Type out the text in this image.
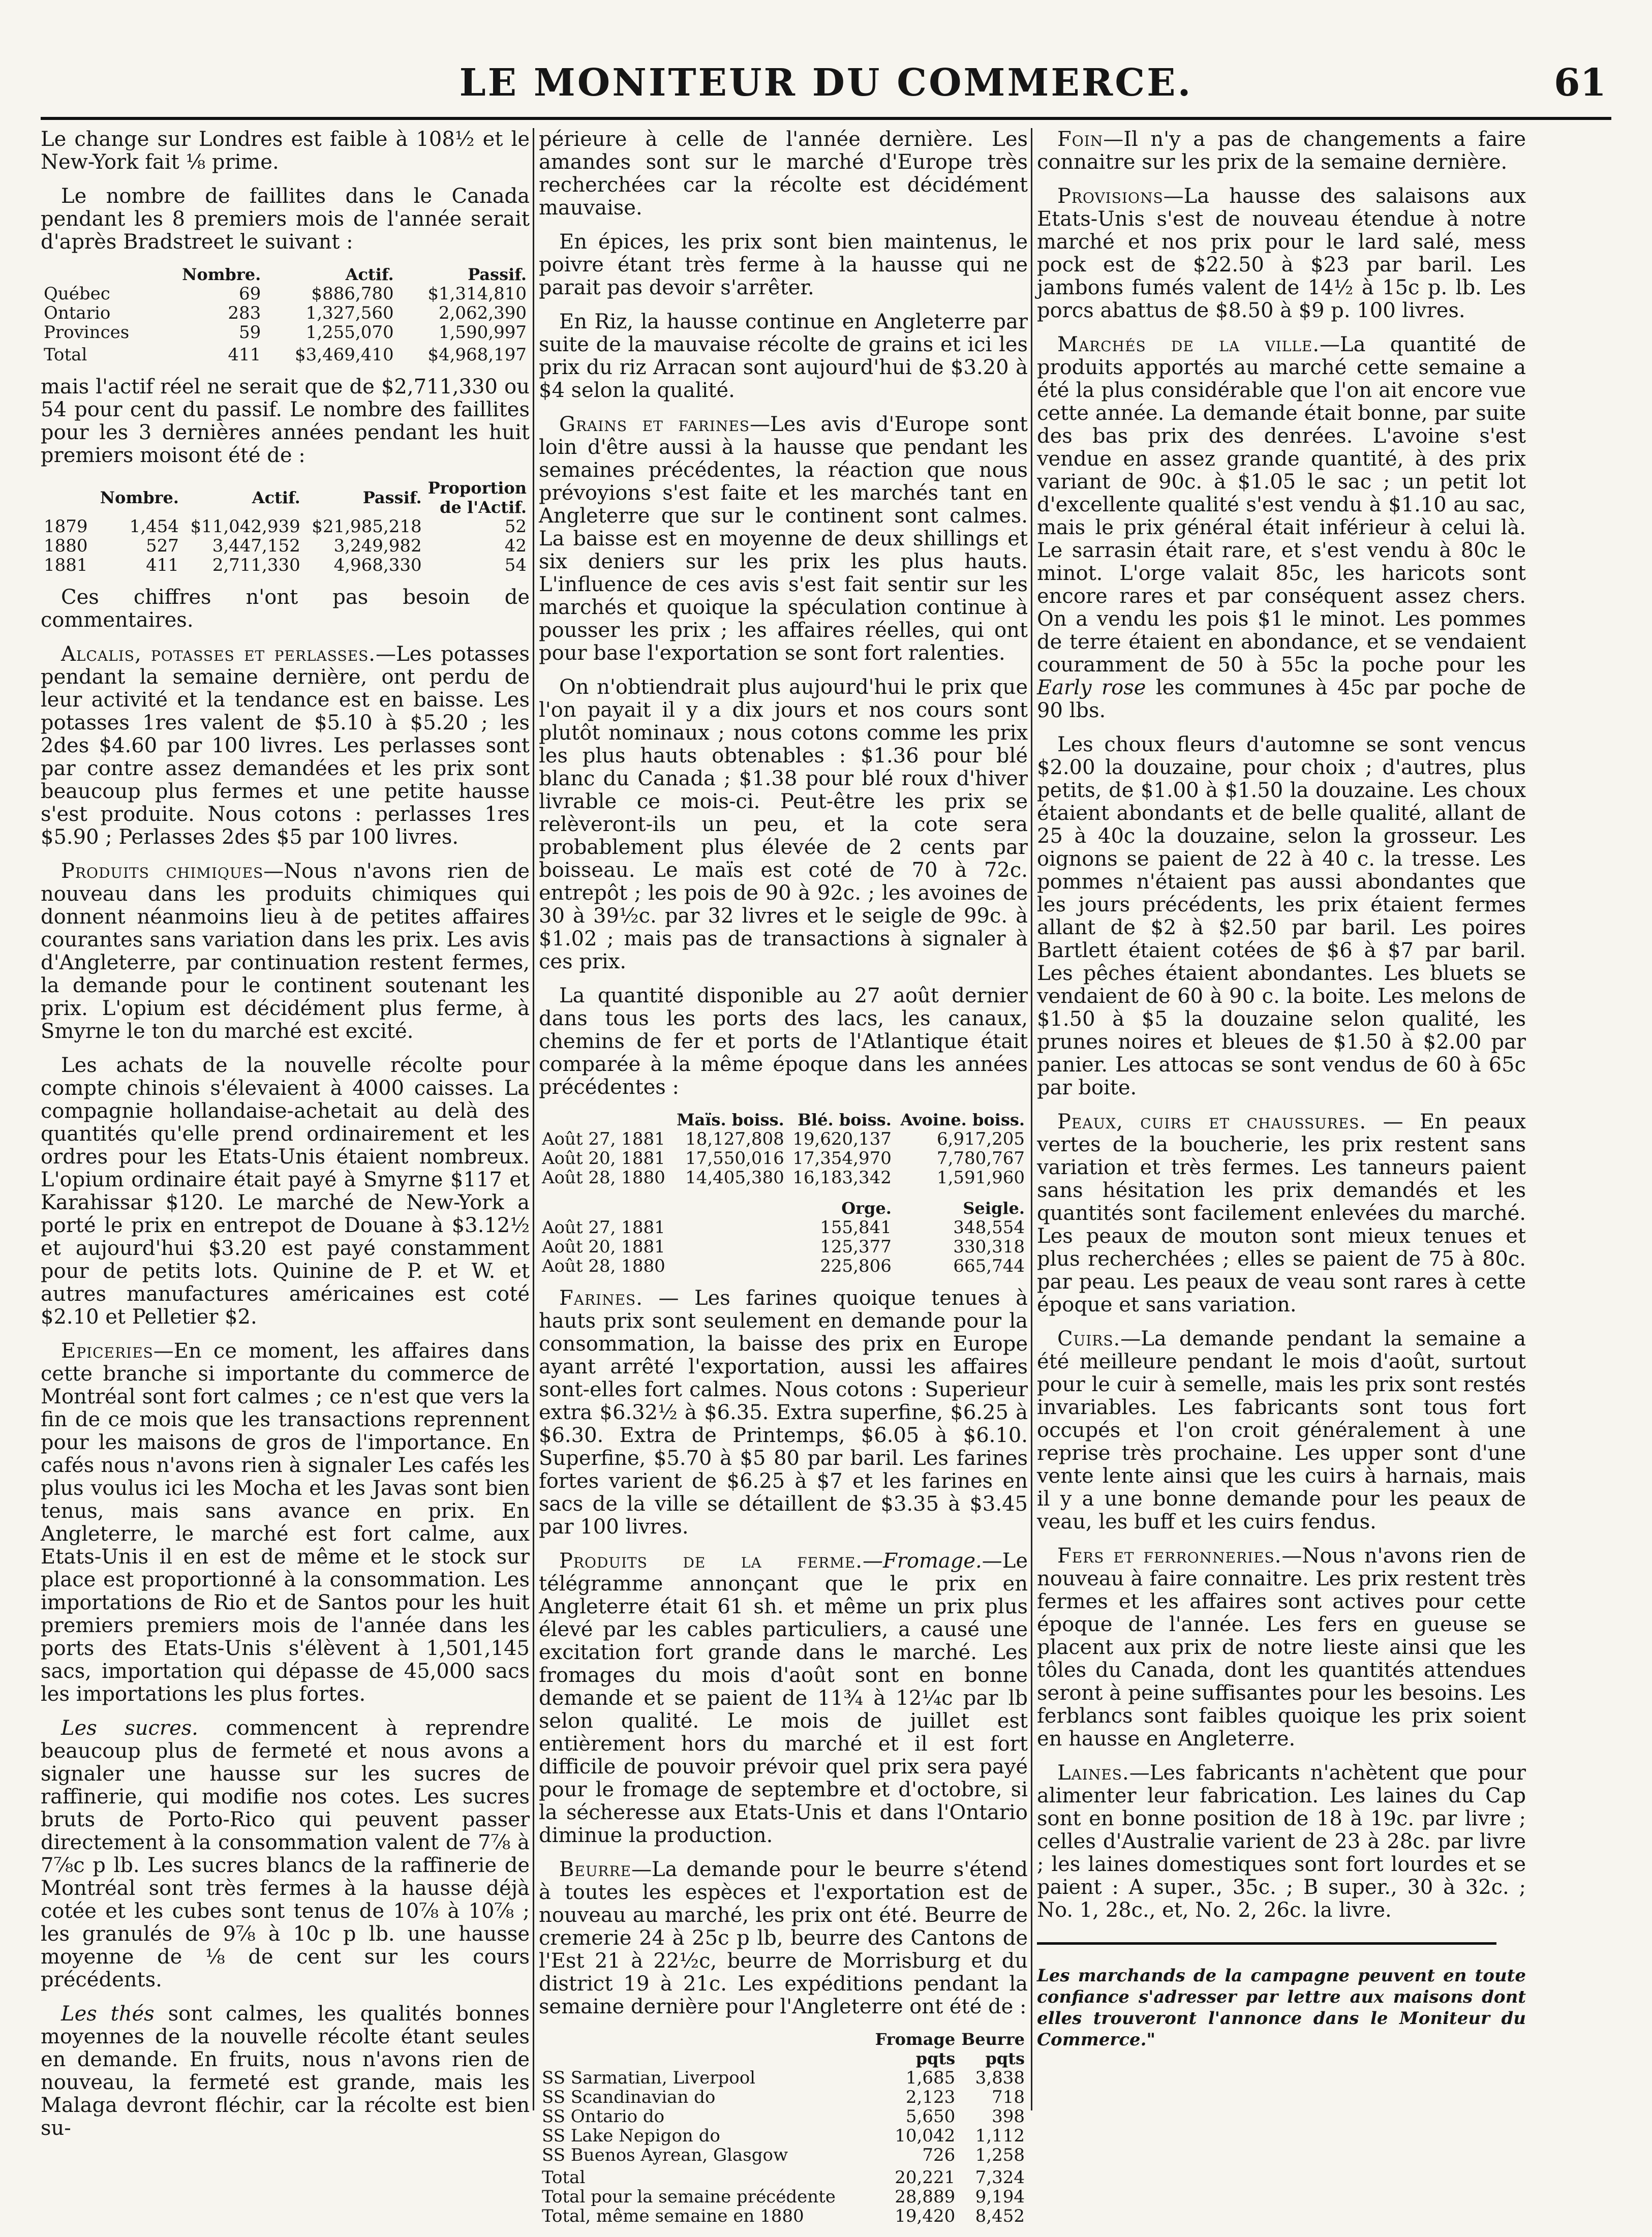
LE MONITEUR DU COMMERCE.	61

Le change sur Londres est faible à 108½ et le New-York fait ⅛ prime.

Le nombre de faillites dans le Canada pendant les 8 premiers mois de l'année serait d'après Bradstreet le suivant :

	Nombre.	Actif.	Passif.
Québec	69	$886,780	$1,314,810
Ontario	283	1,327,560	2,062,390
Provinces	59	1,255,070	1,590,997
Total	411	$3,469,410	$4,968,197

mais l'actif réel ne serait que de $2,711,330 ou 54 pour cent du passif. Le nombre des faillites pour les 3 dernières années pendant les huit premiers moisont été de :

	Nombre.	Actif.	Passif.	Proportion de l'Actif.
1879	1,454	$11,042,939	$21,985,218	52
1880	527	3,447,152	3,249,982	42
1881	411	2,711,330	4,968,330	54

Ces chiffres n'ont pas besoin de commentaires.

Alcalis, potasses et perlasses.—Les potasses pendant la semaine dernière, ont perdu de leur activité et la tendance est en baisse. Les potasses 1res valent de $5.10 à $5.20 ; les 2des $4.60 par 100 livres. Les perlasses sont par contre assez demandées et les prix sont beaucoup plus fermes et une petite hausse s'est produite. Nous cotons : perlasses 1res $5.90 ; Perlasses 2des $5 par 100 livres.

Produits chimiques—Nous n'avons rien de nouveau dans les produits chimiques qui donnent néanmoins lieu à de petites affaires courantes sans variation dans les prix. Les avis d'Angleterre, par continuation restent fermes, la demande pour le continent soutenant les prix. L'opium est décidément plus ferme, à Smyrne le ton du marché est excité.

Les achats de la nouvelle récolte pour compte chinois s'élevaient à 4000 caisses. La compagnie hollandaise-achetait au delà des quantités qu'elle prend ordinairement et les ordres pour les Etats-Unis étaient nombreux. L'opium ordinaire était payé à Smyrne $117 et Karahissar $120. Le marché de New-York a porté le prix en entrepot de Douane à $3.12½ et aujourd'hui $3.20 est payé constamment pour de petits lots. Quinine de P. et W. et autres manufactures américaines est coté $2.10 et Pelletier $2.

Epiceries—En ce moment, les affaires dans cette branche si importante du commerce de Montréal sont fort calmes ; ce n'est que vers la fin de ce mois que les transactions reprennent pour les maisons de gros de l'importance. En cafés nous n'avons rien à signaler Les cafés les plus voulus ici les Mocha et les Javas sont bien tenus, mais sans avance en prix. En Angleterre, le marché est fort calme, aux Etats-Unis il en est de même et le stock sur place est proportionné à la consommation. Les importations de Rio et de Santos pour les huit premiers premiers mois de l'année dans les ports des Etats-Unis s'élèvent à 1,501,145 sacs, importation qui dépasse de 45,000 sacs les importations les plus fortes.

Les sucres. commencent à reprendre beaucoup plus de fermeté et nous avons a signaler une hausse sur les sucres de raffinerie, qui modifie nos cotes. Les sucres bruts de Porto-Rico qui peuvent passer directement à la consommation valent de 7⅞ à 7⅞c p lb. Les sucres blancs de la raffinerie de Montréal sont très fermes à la hausse déjà cotée et les cubes sont tenus de 10⅞ à 10⅞ ; les granulés de 9⅞ à 10c p lb. une hausse moyenne de ⅛ de cent sur les cours précédents.

Les thés sont calmes, les qualités bonnes moyennes de la nouvelle récolte étant seules en demande. En fruits, nous n'avons rien de nouveau, la fermeté est grande, mais les Malaga devront fléchir, car la récolte est bien su-

périeure à celle de l'année dernière. Les amandes sont sur le marché d'Europe très recherchées car la récolte est décidément mauvaise.

En épices, les prix sont bien maintenus, le poivre étant très ferme à la hausse qui ne parait pas devoir s'arrêter.

En Riz, la hausse continue en Angleterre par suite de la mauvaise récolte de grains et ici les prix du riz Arracan sont aujourd'hui de $3.20 à $4 selon la qualité.

Grains et farines—Les avis d'Europe sont loin d'être aussi à la hausse que pendant les semaines précédentes, la réaction que nous prévoyions s'est faite et les marchés tant en Angleterre que sur le continent sont calmes. La baisse est en moyenne de deux shillings et six deniers sur les prix les plus hauts. L'influence de ces avis s'est fait sentir sur les marchés et quoique la spéculation continue à pousser les prix ; les affaires réelles, qui ont pour base l'exportation se sont fort ralenties.

On n'obtiendrait plus aujourd'hui le prix que l'on payait il y a dix jours et nos cours sont plutôt nominaux ; nous cotons comme les prix les plus hauts obtenables : $1.36 pour blé blanc du Canada ; $1.38 pour blé roux d'hiver livrable ce mois-ci. Peut-être les prix se relèveront-ils un peu, et la cote sera probablement plus élevée de 2 cents par boisseau. Le maïs est coté de 70 à 72c. entrepôt ; les pois de 90 à 92c. ; les avoines de 30 à 39½c. par 32 livres et le seigle de 99c. à $1.02 ; mais pas de transactions à signaler à ces prix.

La quantité disponible au 27 août dernier dans tous les ports des lacs, les canaux, chemins de fer et ports de l'Atlantique était comparée à la même époque dans les années précédentes :

	Maïs. boiss.	Blé. boiss.	Avoine. boiss.
Août 27, 1881	18,127,808	19,620,137	6,917,205
Août 20, 1881	17,550,016	17,354,970	7,780,767
Août 28, 1880	14,405,380	16,183,342	1,591,960
	Orge.	Seigle.
Août 27, 1881	155,841	348,554
Août 20, 1881	125,377	330,318
Août 28, 1880	225,806	665,744

Farines. — Les farines quoique tenues à hauts prix sont seulement en demande pour la consommation, la baisse des prix en Europe ayant arrêté l'exportation, aussi les affaires sont-elles fort calmes. Nous cotons : Superieur extra $6.32½ à $6.35. Extra superfine, $6.25 à $6.30. Extra de Printemps, $6.05 à $6.10. Superfine, $5.70 à $5 80 par baril. Les farines fortes varient de $6.25 à $7 et les farines en sacs de la ville se détaillent de $3.35 à $3.45 par 100 livres.

Produits de la ferme.—Fromage.—Le télégramme annonçant que le prix en Angleterre était 61 sh. et même un prix plus élevé par les cables particuliers, a causé une excitation fort grande dans le marché. Les fromages du mois d'août sont en bonne demande et se paient de 11¾ à 12¼c par lb selon qualité. Le mois de juillet est entièrement hors du marché et il est fort difficile de pouvoir prévoir quel prix sera payé pour le fromage de septembre et d'octobre, si la sécheresse aux Etats-Unis et dans l'Ontario diminue la production.

Beurre—La demande pour le beurre s'étend à toutes les espèces et l'exportation est de nouveau au marché, les prix ont été. Beurre de cremerie 24 à 25c p lb, beurre des Cantons de l'Est 21 à 22½c, beurre de Morrisburg et du district 19 à 21c. Les expéditions pendant la semaine dernière pour l'Angleterre ont été de :

	Fromage pqts	Beurre pqts
SS Sarmatian, Liverpool	1,685	3,838
SS Scandinavian do	2,123	718
SS Ontario do	5,650	398
SS Lake Nepigon do	10,042	1,112
SS Buenos Ayrean, Glasgow	726	1,258
Total	20,221	7,324
Total pour la semaine précédente	28,889	9,194
Total, même semaine en 1880	19,420	8,452

Foin—Il n'y a pas de changements a faire connaitre sur les prix de la semaine dernière.

Provisions—La hausse des salaisons aux Etats-Unis s'est de nouveau étendue à notre marché et nos prix pour le lard salé, mess pock est de $22.50 à $23 par baril. Les jambons fumés valent de 14½ à 15c p. lb. Les porcs abattus de $8.50 à $9 p. 100 livres.

Marchés de la ville.—La quantité de produits apportés au marché cette semaine a été la plus considérable que l'on ait encore vue cette année. La demande était bonne, par suite des bas prix des denrées. L'avoine s'est vendue en assez grande quantité, à des prix variant de 90c. à $1.05 le sac ; un petit lot d'excellente qualité s'est vendu à $1.10 au sac, mais le prix général était inférieur à celui là. Le sarrasin était rare, et s'est vendu à 80c le minot. L'orge valait 85c, les haricots sont encore rares et par conséquent assez chers. On a vendu les pois $1 le minot. Les pommes de terre étaient en abondance, et se vendaient couramment de 50 à 55c la poche pour les Early rose les communes à 45c par poche de 90 lbs.

Les choux fleurs d'automne se sont vencus $2.00 la douzaine, pour choix ; d'autres, plus petits, de $1.00 à $1.50 la douzaine. Les choux étaient abondants et de belle qualité, allant de 25 à 40c la douzaine, selon la grosseur. Les oignons se paient de 22 à 40 c. la tresse. Les pommes n'étaient pas aussi abondantes que les jours précédents, les prix étaient fermes allant de $2 à $2.50 par baril. Les poires Bartlett étaient cotées de $6 à $7 par baril. Les pêches étaient abondantes. Les bluets se vendaient de 60 à 90 c. la boite. Les melons de $1.50 à $5 la douzaine selon qualité, les prunes noires et bleues de $1.50 à $2.00 par panier. Les attocas se sont vendus de 60 à 65c par boite.

Peaux, cuirs et chaussures. — En peaux vertes de la boucherie, les prix restent sans variation et très fermes. Les tanneurs paient sans hésitation les prix demandés et les quantités sont facilement enlevées du marché. Les peaux de mouton sont mieux tenues et plus recherchées ; elles se paient de 75 à 80c. par peau. Les peaux de veau sont rares à cette époque et sans variation.

Cuirs.—La demande pendant la semaine a été meilleure pendant le mois d'août, surtout pour le cuir à semelle, mais les prix sont restés invariables. Les fabricants sont tous fort occupés et l'on croit généralement à une reprise très prochaine. Les upper sont d'une vente lente ainsi que les cuirs à harnais, mais il y a une bonne demande pour les peaux de veau, les buff et les cuirs fendus.

Fers et ferronneries.—Nous n'avons rien de nouveau à faire connaitre. Les prix restent très fermes et les affaires sont actives pour cette époque de l'année. Les fers en gueuse se placent aux prix de notre lieste ainsi que les tôles du Canada, dont les quantités attendues seront à peine suffisantes pour les besoins. Les ferblancs sont faibles quoique les prix soient en hausse en Angleterre.

Laines.—Les fabricants n'achètent que pour alimenter leur fabrication. Les laines du Cap sont en bonne position de 18 à 19c. par livre ; celles d'Australie varient de 23 à 28c. par livre ; les laines domestiques sont fort lourdes et se paient : A super., 35c. ; B super., 30 à 32c. ; No. 1, 28c., et, No. 2, 26c. la livre.

Les marchands de la campagne peuvent en toute confiance s'adresser par lettre aux maisons dont elles trouveront l'annonce dans le Moniteur du Commerce."
